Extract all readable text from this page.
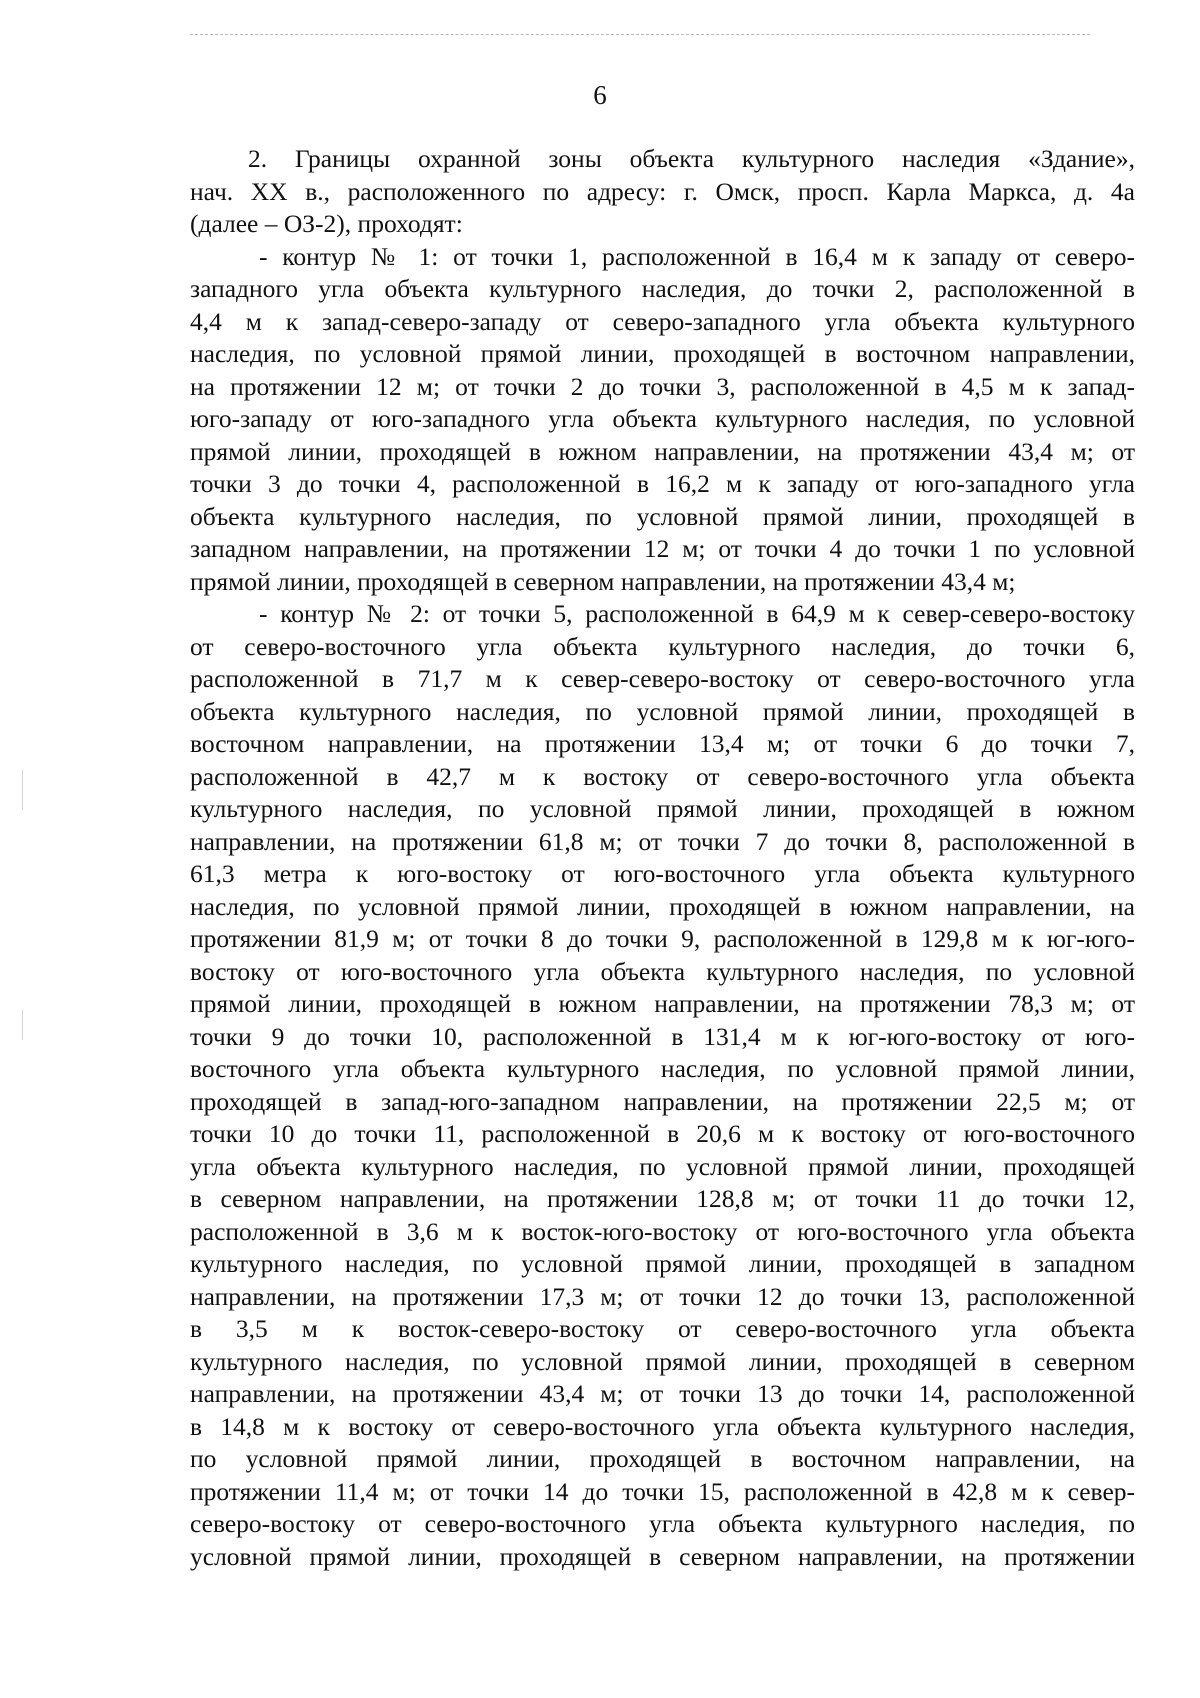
6
2. Границы охранной зоны объекта культурного наследия «Здание»,
нач. XX в., расположенного по адресу: г. Омск, просп. Карла Маркса, д. 4а
(далее – ОЗ-2), проходят:
- контур № 1: от точки 1, расположенной в 16,4 м к западу от северо-
западного угла объекта культурного наследия, до точки 2, расположенной в
4,4 м к запад-северо-западу от северо-западного угла объекта культурного
наследия, по условной прямой линии, проходящей в восточном направлении,
на протяжении 12 м; от точки 2 до точки 3, расположенной в 4,5 м к запад-
юго-западу от юго-западного угла объекта культурного наследия, по условной
прямой линии, проходящей в южном направлении, на протяжении 43,4 м; от
точки 3 до точки 4, расположенной в 16,2 м к западу от юго-западного угла
объекта культурного наследия, по условной прямой линии, проходящей в
западном направлении, на протяжении 12 м; от точки 4 до точки 1 по условной
прямой линии, проходящей в северном направлении, на протяжении 43,4 м;
- контур № 2: от точки 5, расположенной в 64,9 м к север-северо-востоку
от северо-восточного угла объекта культурного наследия, до точки 6,
расположенной в 71,7 м к север-северо-востоку от северо-восточного угла
объекта культурного наследия, по условной прямой линии, проходящей в
восточном направлении, на протяжении 13,4 м; от точки 6 до точки 7,
расположенной в 42,7 м к востоку от северо-восточного угла объекта
культурного наследия, по условной прямой линии, проходящей в южном
направлении, на протяжении 61,8 м; от точки 7 до точки 8, расположенной в
61,3 метра к юго-востоку от юго-восточного угла объекта культурного
наследия, по условной прямой линии, проходящей в южном направлении, на
протяжении 81,9 м; от точки 8 до точки 9, расположенной в 129,8 м к юг-юго-
востоку от юго-восточного угла объекта культурного наследия, по условной
прямой линии, проходящей в южном направлении, на протяжении 78,3 м; от
точки 9 до точки 10, расположенной в 131,4 м к юг-юго-востоку от юго-
восточного угла объекта культурного наследия, по условной прямой линии,
проходящей в запад-юго-западном направлении, на протяжении 22,5 м; от
точки 10 до точки 11, расположенной в 20,6 м к востоку от юго-восточного
угла объекта культурного наследия, по условной прямой линии, проходящей
в северном направлении, на протяжении 128,8 м; от точки 11 до точки 12,
расположенной в 3,6 м к восток-юго-востоку от юго-восточного угла объекта
культурного наследия, по условной прямой линии, проходящей в западном
направлении, на протяжении 17,3 м; от точки 12 до точки 13, расположенной
в 3,5 м к восток-северо-востоку от северо-восточного угла объекта
культурного наследия, по условной прямой линии, проходящей в северном
направлении, на протяжении 43,4 м; от точки 13 до точки 14, расположенной
в 14,8 м к востоку от северо-восточного угла объекта культурного наследия,
по условной прямой линии, проходящей в восточном направлении, на
протяжении 11,4 м; от точки 14 до точки 15, расположенной в 42,8 м к север-
северо-востоку от северо-восточного угла объекта культурного наследия, по
условной прямой линии, проходящей в северном направлении, на протяжении
